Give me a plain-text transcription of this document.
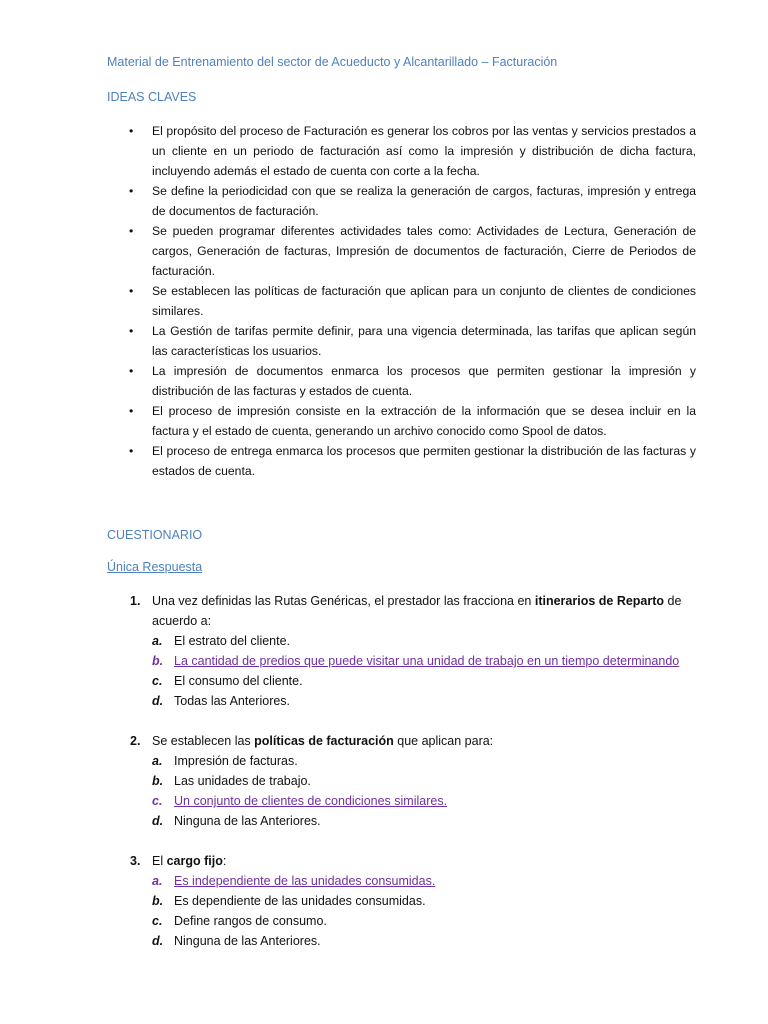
Material de Entrenamiento del sector de Acueducto y Alcantarillado – Facturación
IDEAS CLAVES
• El propósito del proceso de Facturación es generar los cobros por las ventas y servicios prestados a un cliente en un periodo de facturación así como la impresión y distribución de dicha factura, incluyendo además el estado de cuenta con corte a la fecha.
• Se define la periodicidad con que se realiza la generación de cargos, facturas, impresión y entrega de documentos de facturación.
• Se pueden programar diferentes actividades tales como: Actividades de Lectura, Generación de cargos, Generación de facturas, Impresión de documentos de facturación, Cierre de Periodos de facturación.
• Se establecen las políticas de facturación que aplican para un conjunto de clientes de condiciones similares.
• La Gestión de tarifas permite definir, para una vigencia determinada, las tarifas que aplican según las características los usuarios.
• La impresión de documentos enmarca los procesos que permiten gestionar la impresión y distribución de las facturas y estados de cuenta.
• El proceso de impresión consiste en la extracción de la información que se desea incluir en la factura y el estado de cuenta, generando un archivo conocido como Spool de datos.
• El proceso de entrega enmarca los procesos que permiten gestionar la distribución de las facturas y estados de cuenta.
CUESTIONARIO
Única Respuesta
1. Una vez definidas las Rutas Genéricas, el prestador las fracciona en itinerarios de Reparto de acuerdo a:
a. El estrato del cliente.
b. La cantidad de predios que puede visitar una unidad de trabajo en un tiempo determinando
c. El consumo del cliente.
d. Todas las Anteriores.
2. Se establecen las políticas de facturación que aplican para:
a. Impresión de facturas.
b. Las unidades de trabajo.
c. Un conjunto de clientes de condiciones similares.
d. Ninguna de las Anteriores.
3. El cargo fijo:
a. Es independiente de las unidades consumidas.
b. Es dependiente de las unidades consumidas.
c. Define rangos de consumo.
d. Ninguna de las Anteriores.
